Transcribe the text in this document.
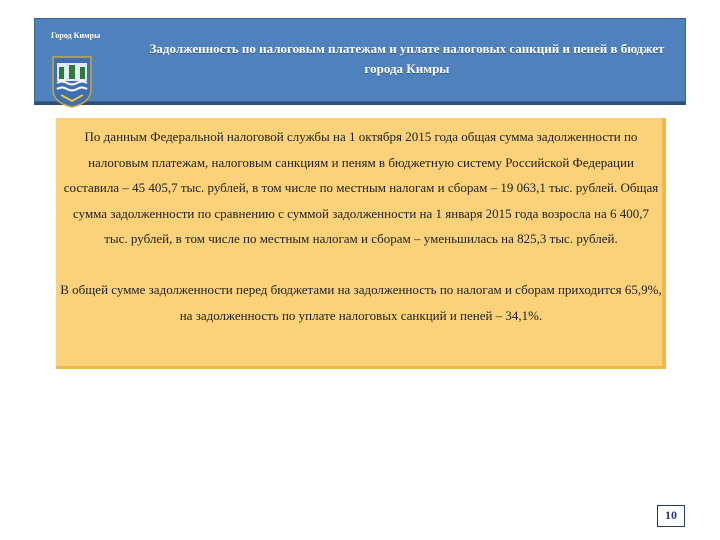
Город Кимры
Задолженность по налоговым платежам и уплате налоговых санкций и пеней в бюджет города Кимры

По данным Федеральной налоговой службы на 1 октября 2015 года общая сумма задолженности по налоговым платежам, налоговым санкциям и пеням в бюджетную систему Российской Федерации составила – 45 405,7 тыс. рублей, в том числе по местным налогам и сборам – 19 063,1 тыс. рублей. Общая сумма задолженности по сравнению с суммой задолженности на 1 января 2015 года возросла на 6 400,7 тыс. рублей, в том числе по местным налогам и сборам – уменьшилась на 825,3 тыс. рублей.

В общей сумме задолженности перед бюджетами на задолженность по налогам и сборам приходится 65,9%, на задолженность по уплате налоговых санкций и пеней – 34,1%.

10
